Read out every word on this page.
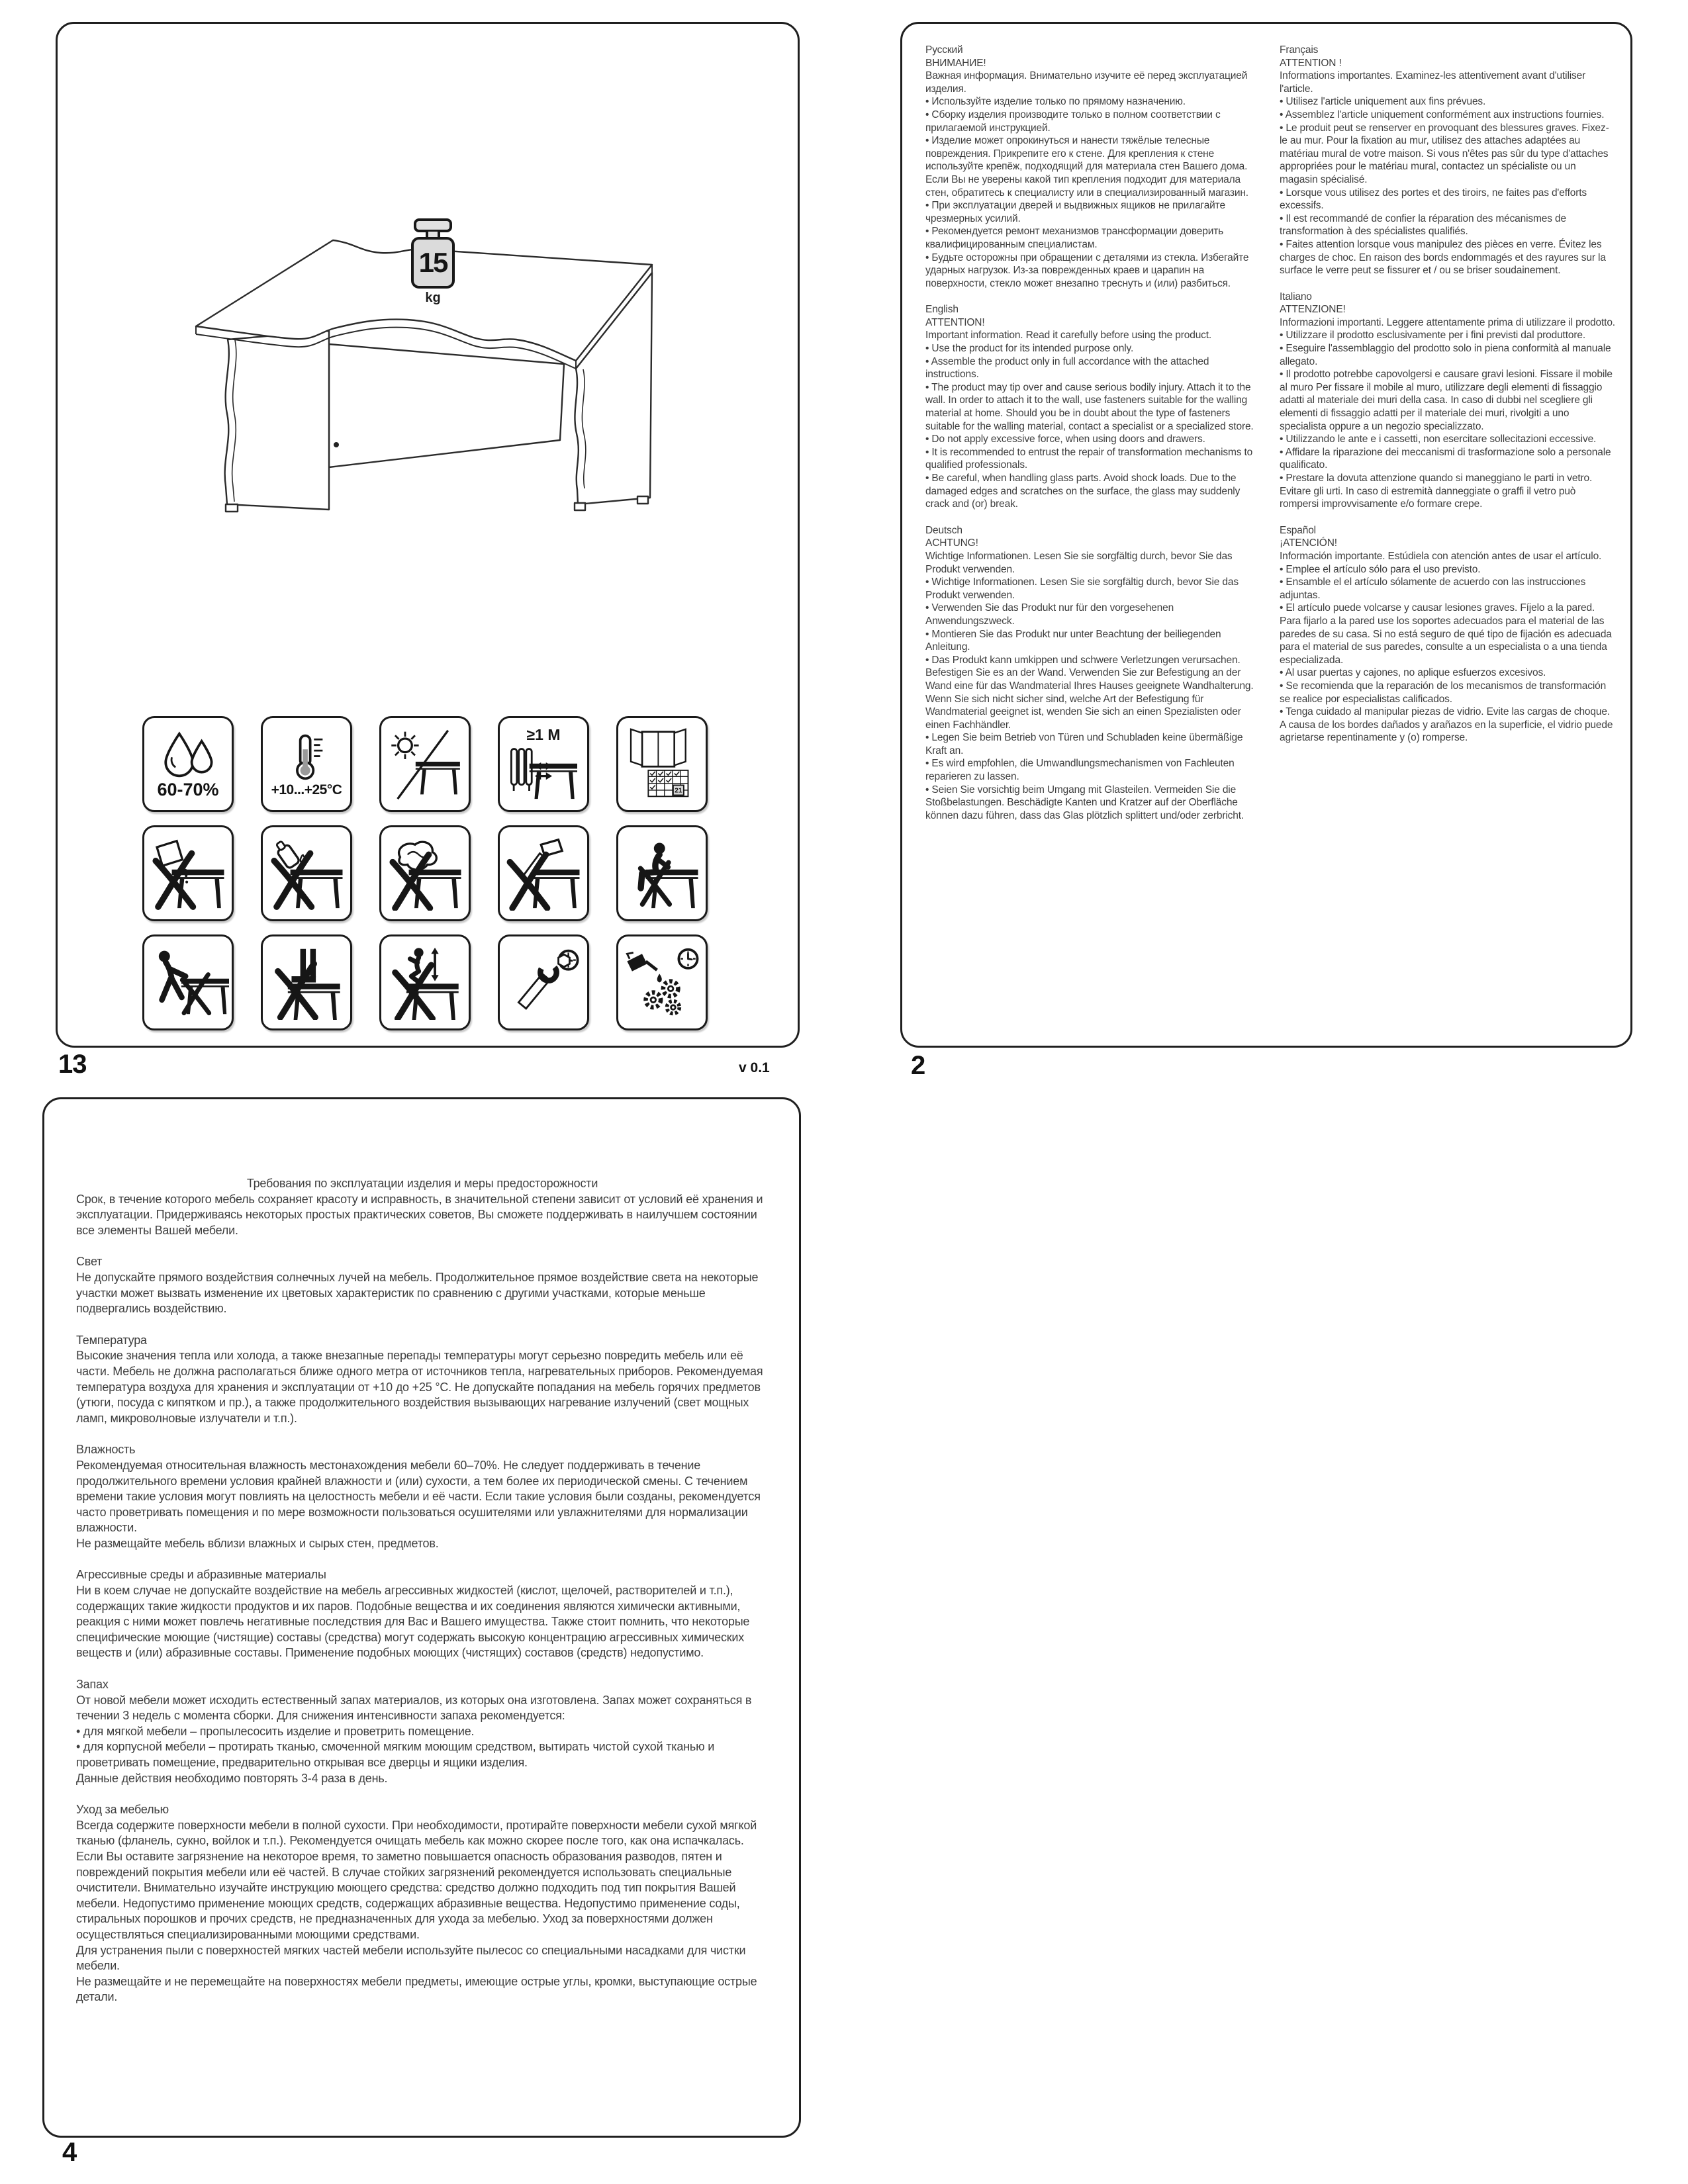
15
kg
60-70%	+10...+25°C
≥1 M
21
13	v 0.1

Русский

ВНИМАНИЕ!

Важная информация. Внимательно изучите её перед эксплуатацией изделия.

• Используйте изделие только по прямому назначению.

• Сборку изделия производите только в полном соответствии с прилагаемой инструкцией.

• Изделие может опрокинуться и нанести тяжёлые телесные повреждения. Прикрепите его к стене. Для крепления к стене используйте крепёж, подходящий для материала стен Вашего дома. Если Вы не уверены какой тип крепления подходит для материала стен, обратитесь к специалисту или в специализированный магазин.

• При эксплуатации дверей и выдвижных ящиков не прилагайте чрезмерных усилий.

• Рекомендуется ремонт механизмов трансформации доверить квалифицированным специалистам.

• Будьте осторожны при обращении с деталями из стекла. Избегайте ударных нагрузок. Из-за поврежденных краев и царапин на поверхности, стекло может внезапно треснуть и (или) разбиться.

English

ATTENTION!

Important information. Read it carefully before using the product.

• Use the product for its intended purpose only.

• Assemble the product only in full accordance with the attached instructions.

• The product may tip over and cause serious bodily injury. Attach it to the wall. In order to attach it to the wall, use fasteners suitable for the walling material at home. Should you be in doubt about the type of fasteners suitable for the walling material, contact a specialist or a specialized store.

• Do not apply excessive force, when using doors and drawers.

• It is recommended to entrust the repair of transformation mechanisms to qualified professionals.

• Be careful, when handling glass parts. Avoid shock loads. Due to the damaged edges and scratches on the surface, the glass may suddenly crack and (or) break.

Deutsch

ACHTUNG!

Wichtige Informationen. Lesen Sie sie sorgfältig durch, bevor Sie das Produkt verwenden.

• Wichtige Informationen. Lesen Sie sie sorgfältig durch, bevor Sie das Produkt verwenden.

• Verwenden Sie das Produkt nur für den vorgesehenen Anwendungszweck.

• Montieren Sie das Produkt nur unter Beachtung der beiliegenden Anleitung.

• Das Produkt kann umkippen und schwere Verletzungen verursachen. Befestigen Sie es an der Wand. Verwenden Sie zur Befestigung an der Wand eine für das Wandmaterial Ihres Hauses geeignete Wandhalterung. Wenn Sie sich nicht sicher sind, welche Art der Befestigung für Wandmaterial geeignet ist, wenden Sie sich an einen Spezialisten oder einen Fachhändler.

• Legen Sie beim Betrieb von Türen und Schubladen keine übermäßige Kraft an.

• Es wird empfohlen, die Umwandlungsmechanismen von Fachleuten reparieren zu lassen.

• Seien Sie vorsichtig beim Umgang mit Glasteilen. Vermeiden Sie die Stoßbelastungen. Beschädigte Kanten und Kratzer auf der Oberfläche können dazu führen, dass das Glas plötzlich splittert und/oder zerbricht.

Français

ATTENTION !

Informations importantes. Examinez-les attentivement avant d'utiliser l'article.

• Utilisez l'article uniquement aux fins prévues.

• Assemblez l'article uniquement conformément aux instructions fournies.

• Le produit peut se renserver en provoquant des blessures graves. Fixez-le au mur. Pour la fixation au mur, utilisez des attaches adaptées au matériau mural de votre maison. Si vous n'êtes pas sûr du type d'attaches appropriées pour le matériau mural, contactez un spécialiste ou un magasin spécialisé.

• Lorsque vous utilisez des portes et des tiroirs, ne faites pas d'efforts excessifs.

• Il est recommandé de confier la réparation des mécanismes de transformation à des spécialistes qualifiés.

• Faites attention lorsque vous manipulez des pièces en verre. Évitez les charges de choc. En raison des bords endommagés et des rayures sur la surface le verre peut se fissurer et / ou se briser soudainement.

Italiano

ATTENZIONE!

Informazioni importanti. Leggere attentamente prima di utilizzare il prodotto.

• Utilizzare il prodotto esclusivamente per i fini previsti dal produttore.

• Eseguire l'assemblaggio del prodotto solo in piena conformità al manuale allegato.

• Il prodotto potrebbe capovolgersi e causare gravi lesioni. Fissare il mobile al muro Per fissare il mobile al muro, utilizzare degli elementi di fissaggio adatti al materiale dei muri della casa. In caso di dubbi nel scegliere gli elementi di fissaggio adatti per il materiale dei muri, rivolgiti a uno specialista oppure a un negozio specializzato.

• Utilizzando le ante e i cassetti, non esercitare sollecitazioni eccessive.

• Affidare la riparazione dei meccanismi di trasformazione solo a personale qualificato.

• Prestare la dovuta attenzione quando si maneggiano le parti in vetro. Evitare gli urti. In caso di estremità danneggiate o graffi il vetro può rompersi improvvisamente e/o formare crepe.

Español

¡ATENCIÓN!

Información importante. Estúdiela con atención antes de usar el artículo.

• Emplee el artículo sólo para el uso previsto.

• Ensamble el el artículo sólamente de acuerdo con las instrucciones adjuntas.

• El artículo puede volcarse y causar lesiones graves. Fíjelo a la pared. Para fijarlo a la pared use los soportes adecuados para el material de las paredes de su casa. Si no está seguro de qué tipo de fijación es adecuada para el material de sus paredes, consulte a un especialista o a una tienda especializada.

• Al usar puertas y cajones, no aplique esfuerzos excesivos.

• Se recomienda que la reparación de los mecanismos de transformación se realice por especialistas calificados.

• Tenga cuidado al manipular piezas de vidrio. Evite las cargas de choque. A causa de los bordes dañados y arañazos en la superficie, el vidrio puede agrietarse repentinamente y (o) romperse.

2

Требования по эксплуатации изделия и меры предосторожности

Срок, в течение которого мебель сохраняет красоту и исправность, в значительной степени зависит от условий её хранения и эксплуатации. Придерживаясь некоторых простых практических советов, Вы сможете поддерживать в наилучшем состоянии все элементы Вашей мебели.

Свет

Не допускайте прямого воздействия солнечных лучей на мебель. Продолжительное прямое воздействие света на некоторые участки может вызвать изменение их цветовых характеристик по сравнению с другими участками, которые меньше подвергались воздействию.

Температура

Высокие значения тепла или холода, а также внезапные перепады температуры могут серьезно повредить мебель или её части. Мебель не должна располагаться ближе одного метра от источников тепла, нагревательных приборов. Рекомендуемая температура воздуха для хранения и эксплуатации от +10 до +25 °С. Не допускайте попадания на мебель горячих предметов (утюги, посуда с кипятком и пр.), а также продолжительного воздействия вызывающих нагревание излучений (свет мощных ламп, микроволновые излучатели и т.п.).

Влажность

Рекомендуемая относительная влажность местонахождения мебели 60–70%. Не следует поддерживать в течение продолжительного времени условия крайней влажности и (или) сухости, а тем более их периодической смены. С течением времени такие условия могут повлиять на целостность мебели и её части. Если такие условия были созданы, рекомендуется часто проветривать помещения и по мере возможности пользоваться осушителями или увлажнителями для нормализации влажности.

Не размещайте мебель вблизи влажных и сырых стен, предметов.

Агрессивные среды и абразивные материалы

Ни в коем случае не допускайте воздействие на мебель агрессивных жидкостей (кислот, щелочей, растворителей и т.п.), содержащих такие жидкости продуктов и их паров. Подобные вещества и их соединения являются химически активными, реакция с ними может повлечь негативные последствия для Вас и Вашего имущества. Также стоит помнить, что некоторые специфические моющие (чистящие) составы (средства) могут содержать высокую концентрацию агрессивных химических веществ и (или) абразивные составы. Применение подобных моющих (чистящих) составов (средств) недопустимо.

Запах

От новой мебели может исходить естественный запах материалов, из которых она изготовлена. Запах может сохраняться в течении 3 недель с момента сборки. Для снижения интенсивности запаха рекомендуется:

• для мягкой мебели – пропылесосить изделие и проветрить помещение.

• для корпусной мебели – протирать тканью, смоченной мягким моющим средством, вытирать чистой сухой тканью и проветривать помещение, предварительно открывая все дверцы и ящики изделия.

Данные действия необходимо повторять 3-4 раза в день.

Уход за мебелью

Всегда содержите поверхности мебели в полной сухости. При необходимости, протирайте поверхности мебели сухой мягкой тканью (фланель, сукно, войлок и т.п.). Рекомендуется очищать мебель как можно скорее после того, как она испачкалась. Если Вы оставите загрязнение на некоторое время, то заметно повышается опасность образования разводов, пятен и повреждений покрытия мебели или её частей. В случае стойких загрязнений рекомендуется использовать специальные очистители. Внимательно изучайте инструкцию моющего средства: средство должно подходить под тип покрытия Вашей мебели. Недопустимо применение моющих средств, содержащих абразивные вещества. Недопустимо применение соды, стиральных порошков и прочих средств, не предназначенных для ухода за мебелью. Уход за поверхностями должен осуществляться специализированными моющими средствами.

Для устранения пыли с поверхностей мягких частей мебели используйте пылесос со специальными насадками для чистки мебели.

Не размещайте и не перемещайте на поверхностях мебели предметы, имеющие острые углы, кромки, выступающие острые детали.

4
